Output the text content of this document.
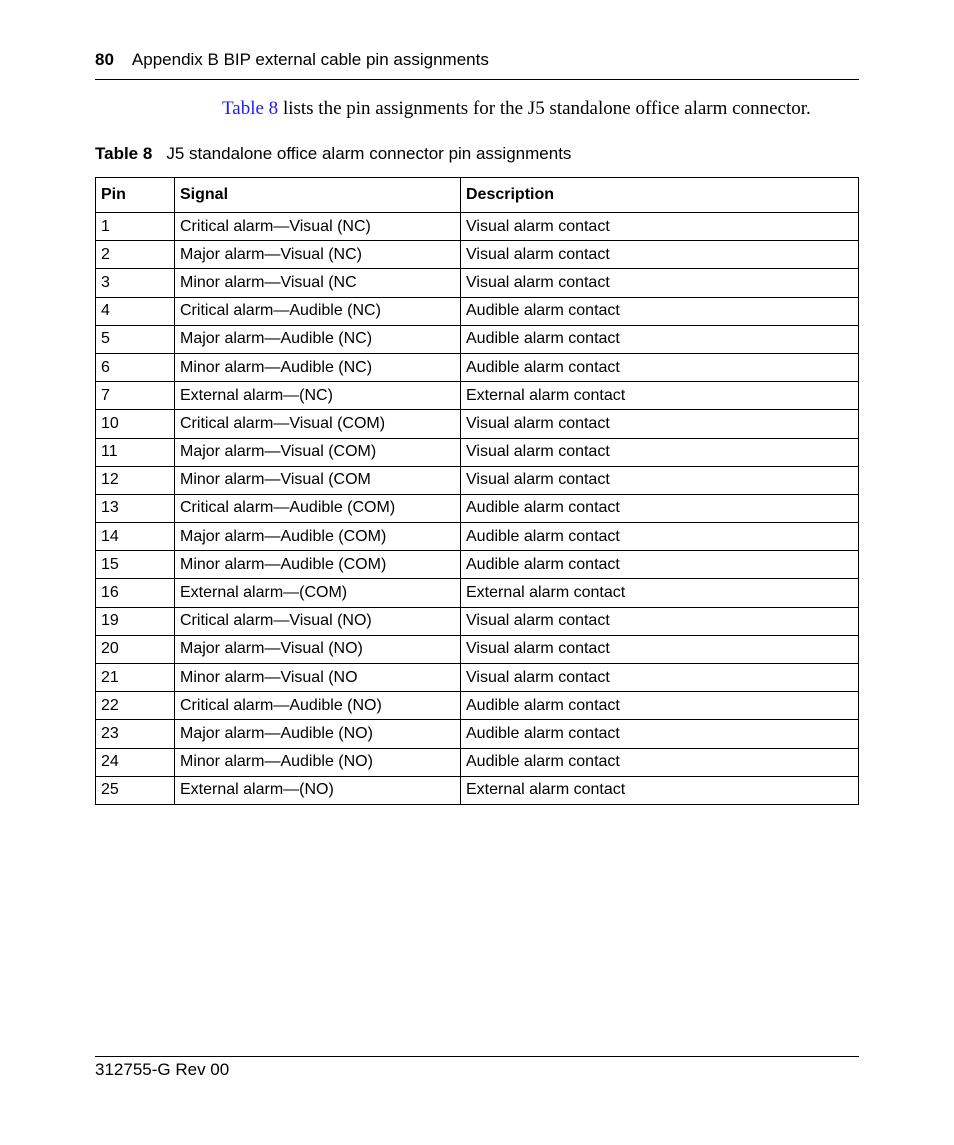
80 Appendix B BIP external cable pin assignments
Table 8 lists the pin assignments for the J5 standalone office alarm connector.
Table 8 J5 standalone office alarm connector pin assignments
Pin	Signal	Description
1	Critical alarm—Visual (NC)	Visual alarm contact
2	Major alarm—Visual (NC)	Visual alarm contact
3	Minor alarm—Visual (NC	Visual alarm contact
4	Critical alarm—Audible (NC)	Audible alarm contact
5	Major alarm—Audible (NC)	Audible alarm contact
6	Minor alarm—Audible (NC)	Audible alarm contact
7	External alarm—(NC)	External alarm contact
10	Critical alarm—Visual (COM)	Visual alarm contact
11	Major alarm—Visual (COM)	Visual alarm contact
12	Minor alarm—Visual (COM	Visual alarm contact
13	Critical alarm—Audible (COM)	Audible alarm contact
14	Major alarm—Audible (COM)	Audible alarm contact
15	Minor alarm—Audible (COM)	Audible alarm contact
16	External alarm—(COM)	External alarm contact
19	Critical alarm—Visual (NO)	Visual alarm contact
20	Major alarm—Visual (NO)	Visual alarm contact
21	Minor alarm—Visual (NO	Visual alarm contact
22	Critical alarm—Audible (NO)	Audible alarm contact
23	Major alarm—Audible (NO)	Audible alarm contact
24	Minor alarm—Audible (NO)	Audible alarm contact
25	External alarm—(NO)	External alarm contact
312755-G Rev 00
